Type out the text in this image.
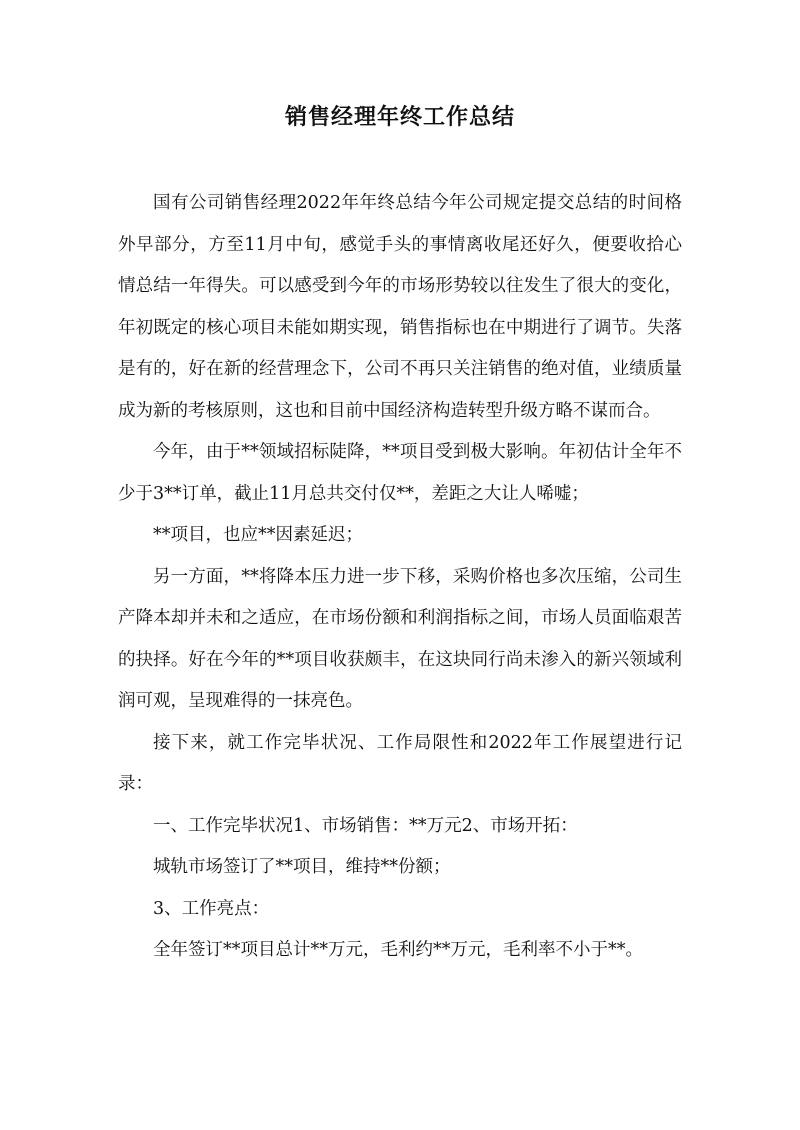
销售经理年终工作总结

国有公司销售经理2022年年终总结今年公司规定提交总结的时间格外早部分，方至11月中旬，感觉手头的事情离收尾还好久，便要收拾心情总结一年得失。可以感受到今年的市场形势较以往发生了很大的变化，年初既定的核心项目未能如期实现，销售指标也在中期进行了调节。失落是有的，好在新的经营理念下，公司不再只关注销售的绝对值，业绩质量成为新的考核原则，这也和目前中国经济构造转型升级方略不谋而合。

今年，由于**领域招标陡降，**项目受到极大影响。年初估计全年不少于3**订单，截止11月总共交付仅**，差距之大让人唏嘘；

**项目，也应**因素延迟；

另一方面，**将降本压力进一步下移，采购价格也多次压缩，公司生产降本却并未和之适应，在市场份额和利润指标之间，市场人员面临艰苦的抉择。好在今年的**项目收获颇丰，在这块同行尚未渗入的新兴领域利润可观，呈现难得的一抹亮色。

接下来，就工作完毕状况、工作局限性和2022年工作展望进行记录：

一、工作完毕状况1、市场销售：**万元2、市场开拓：

城轨市场签订了**项目，维持**份额；

3、工作亮点：

全年签订**项目总计**万元，毛利约**万元，毛利率不小于**。
